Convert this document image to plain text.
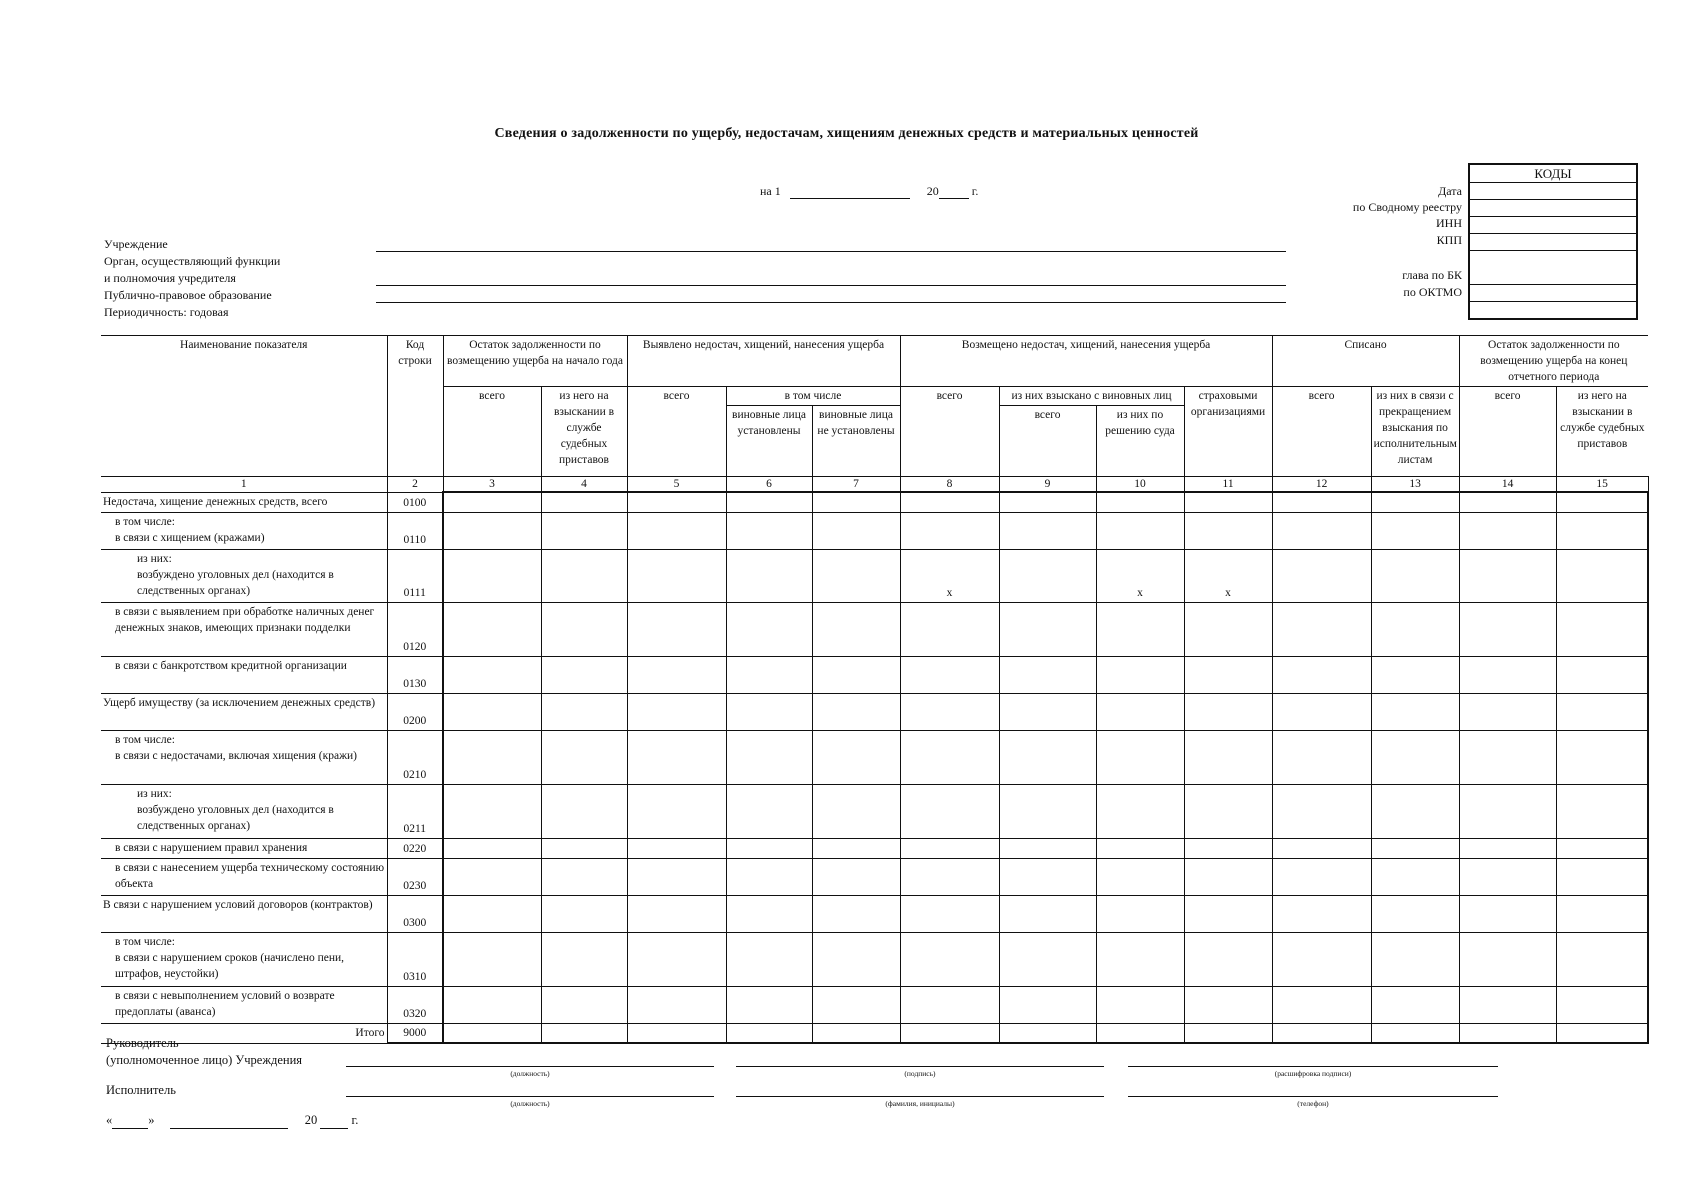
Сведения о задолженности по ущербу, недостачам, хищениям денежных средств и материальных ценностей
на 1	20	г.
Учреждение
Орган, осуществляющий функции
и полномочия учредителя
Публично-правовое образование
Периодичность: годовая
Дата
по Сводному реестру
ИНН
КПП
глава по БК
по ОКТМО
КОДЫ
Наименование показателя	Код строки	Остаток задолженности по возмещению ущерба на начало года		Выявлено недостач, хищений, нанесения ущерба			Возмещено недостач, хищений, нанесения ущерба				Списано		Остаток задолженности по возмещению ущерба на конец отчетного периода	
		всего	из него на взыскании в службе судебных приставов	всего	в том числе		всего	из них взыскано с виновных лиц		страховыми организациями	всего	из них в связи с прекращением взыскания по исполнительным листам	всего	из него на взыскании в службе судебных приставов
					виновные лица установлены	виновные лица не установлены		всего	из них по решению суда					
1	2	3	4	5	6	7	8	9	10	11	12	13	14	15
Недостача, хищение денежных средств, всего	0100													
в том числе:
в связи с хищением (кражами)	0110													
из них:
возбуждено уголовных дел (находится в следственных органах)	0111						х		х	х				
в связи с выявлением при обработке наличных денег денежных знаков, имеющих признаки подделки	0120													
в связи с банкротством кредитной организации	0130													
Ущерб имуществу (за исключением денежных средств)	0200													
в том числе:
в связи с недостачами, включая хищения (кражи)	0210													
из них:
возбуждено уголовных дел (находится в следственных органах)	0211													
в связи с нарушением правил хранения	0220													
в связи с нанесением ущерба техническому состоянию объекта	0230													
В связи с нарушением условий договоров (контрактов)	0300													
в том числе:
в связи с нарушением сроков (начислено пени, штрафов, неустойки)	0310													
в связи с невыполнением условий о возврате предоплаты (аванса)	0320													
Итого	9000													
Руководитель
(уполномоченное лицо) Учреждения
(должность)	(подпись)	(расшифровка подписи)
Исполнитель
(должность)	(фамилия, инициалы)	(телефон)
«	»	20	г.
